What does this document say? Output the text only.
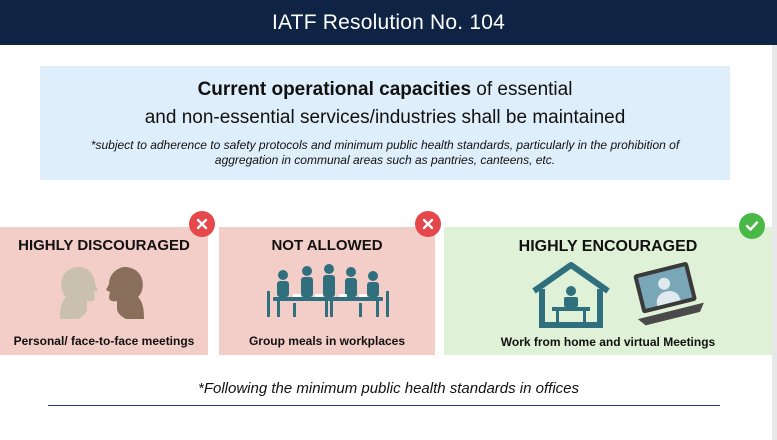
IATF Resolution No. 104
Current operational capacities of essential
and non-essential services/industries shall be maintained
*subject to adherence to safety protocols and minimum public health standards, particularly in the prohibition of aggregation in communal areas such as pantries, canteens, etc.
HIGHLY DISCOURAGED
Personal/ face-to-face meetings
NOT ALLOWED
Group meals in workplaces
HIGHLY ENCOURAGED
Work from home and virtual Meetings
*Following the minimum public health standards in offices
